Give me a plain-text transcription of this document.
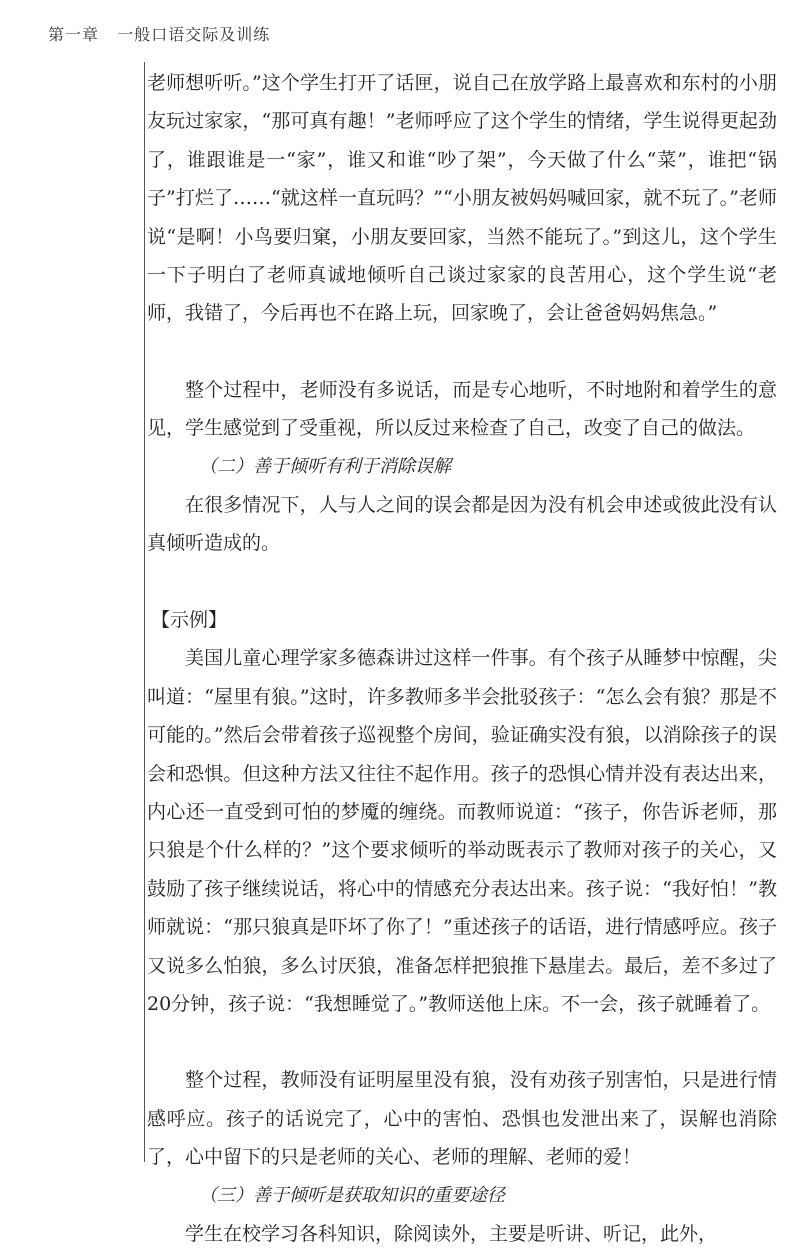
第一章 一般口语交际及训练

老师想听听。”这个学生打开了话匣，说自己在放学路上最喜欢和东村的小朋友玩过家家，“那可真有趣！”老师呼应了这个学生的情绪，学生说得更起劲了，谁跟谁是一“家”，谁又和谁“吵了架”，今天做了什么“菜”，谁把“锅子”打烂了……“就这样一直玩吗？”“小朋友被妈妈喊回家，就不玩了。”老师说“是啊！小鸟要归窠，小朋友要回家，当然不能玩了。”到这儿，这个学生一下子明白了老师真诚地倾听自己谈过家家的良苦用心，这个学生说“老师，我错了，今后再也不在路上玩，回家晚了，会让爸爸妈妈焦急。”

整个过程中，老师没有多说话，而是专心地听，不时地附和着学生的意见，学生感觉到了受重视，所以反过来检查了自己，改变了自己的做法。

（二）善于倾听有利于消除误解

在很多情况下，人与人之间的误会都是因为没有机会申述或彼此没有认真倾听造成的。

【示例】

美国儿童心理学家多德森讲过这样一件事。有个孩子从睡梦中惊醒，尖叫道：“屋里有狼。”这时，许多教师多半会批驳孩子：“怎么会有狼？那是不可能的。”然后会带着孩子巡视整个房间，验证确实没有狼，以消除孩子的误会和恐惧。但这种方法又往往不起作用。孩子的恐惧心情并没有表达出来，内心还一直受到可怕的梦魇的缠绕。而教师说道：“孩子，你告诉老师，那只狼是个什么样的？”这个要求倾听的举动既表示了教师对孩子的关心，又鼓励了孩子继续说话，将心中的情感充分表达出来。孩子说：“我好怕！”教师就说：“那只狼真是吓坏了你了！”重述孩子的话语，进行情感呼应。孩子又说多么怕狼，多么讨厌狼，准备怎样把狼推下悬崖去。最后，差不多过了 20分钟，孩子说：“我想睡觉了。”教师送他上床。不一会，孩子就睡着了。

整个过程，教师没有证明屋里没有狼，没有劝孩子别害怕，只是进行情感呼应。孩子的话说完了，心中的害怕、恐惧也发泄出来了，误解也消除了，心中留下的只是老师的关心、老师的理解、老师的爱！

（三）善于倾听是获取知识的重要途径

学生在校学习各科知识，除阅读外，主要是听讲、听记，此外，
